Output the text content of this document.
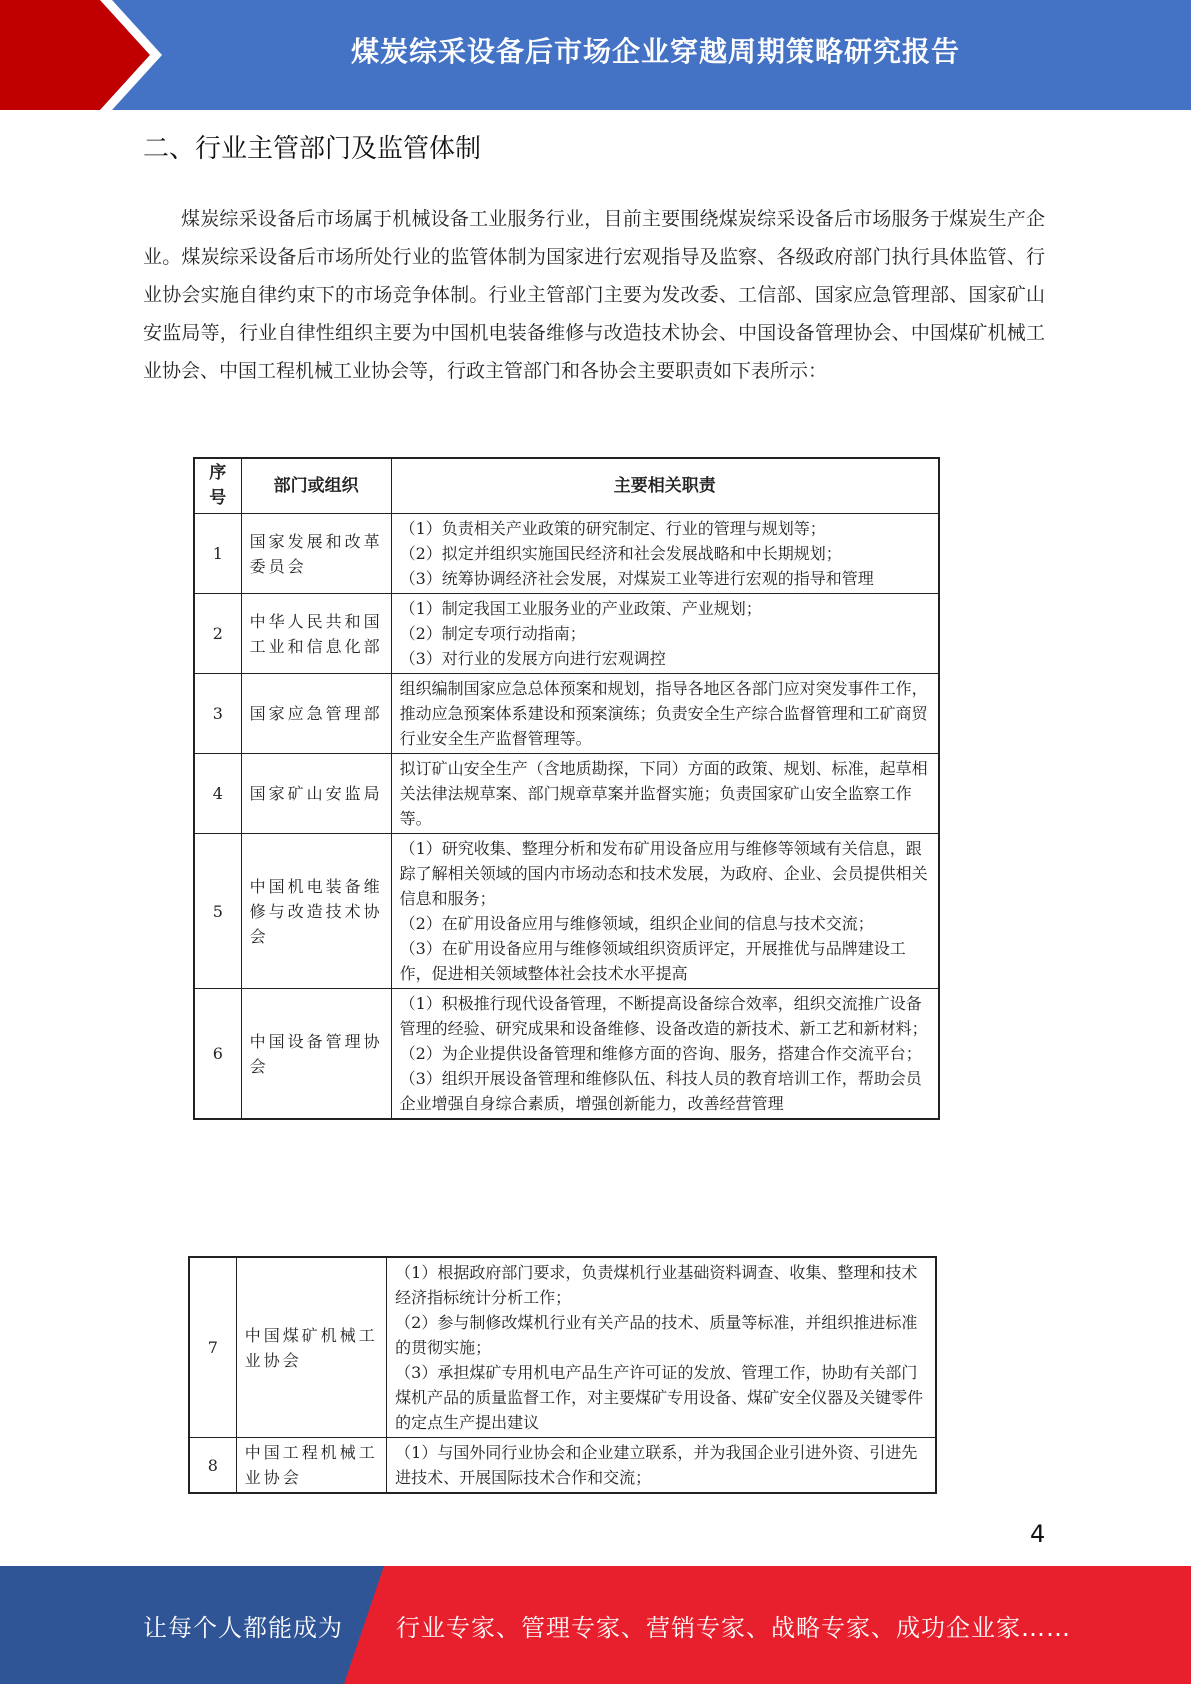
煤炭综采设备后市场企业穿越周期策略研究报告
二、行业主管部门及监管体制
煤炭综采设备后市场属于机械设备工业服务行业，目前主要围绕煤炭综采设备后市场服务于煤炭生产企业。煤炭综采设备后市场所处行业的监管体制为国家进行宏观指导及监察、各级政府部门执行具体监管、行业协会实施自律约束下的市场竞争体制。行业主管部门主要为发改委、工信部、国家应急管理部、国家矿山安监局等，行业自律性组织主要为中国机电装备维修与改造技术协会、中国设备管理协会、中国煤矿机械工业协会、中国工程机械工业协会等，行政主管部门和各协会主要职责如下表所示：
序号	部门或组织	主要相关职责
1	国家发展和改革委员会	（1）负责相关产业政策的研究制定、行业的管理与规划等；
（2）拟定并组织实施国民经济和社会发展战略和中长期规划；
（3）统筹协调经济社会发展，对煤炭工业等进行宏观的指导和管理

2	中华人民共和国工业和信息化部	（1）制定我国工业服务业的产业政策、产业规划；
（2）制定专项行动指南；
（3）对行业的发展方向进行宏观调控

3	国家应急管理部	组织编制国家应急总体预案和规划，指导各地区各部门应对突发事件工作，推动应急预案体系建设和预案演练；负责安全生产综合监督管理和工矿商贸行业安全生产监督管理等。

4	国家矿山安监局	拟订矿山安全生产（含地质勘探，下同）方面的政策、规划、标准，起草相关法律法规草案、部门规章草案并监督实施；负责国家矿山安全监察工作等。

5	中国机电装备维修与改造技术协会	（1）研究收集、整理分析和发布矿用设备应用与维修等领域有关信息，跟踪了解相关领域的国内市场动态和技术发展，为政府、企业、会员提供相关信息和服务；
（2）在矿用设备应用与维修领域，组织企业间的信息与技术交流；
（3）在矿用设备应用与维修领域组织资质评定，开展推优与品牌建设工作，促进相关领域整体社会技术水平提高

6	中国设备管理协会	（1）积极推行现代设备管理，不断提高设备综合效率，组织交流推广设备管理的经验、研究成果和设备维修、设备改造的新技术、新工艺和新材料；
（2）为企业提供设备管理和维修方面的咨询、服务，搭建合作交流平台；
（3）组织开展设备管理和维修队伍、科技人员的教育培训工作，帮助会员企业增强自身综合素质，增强创新能力，改善经营管理
7	中国煤矿机械工业协会	（1）根据政府部门要求，负责煤机行业基础资料调查、收集、整理和技术经济指标统计分析工作；
（2）参与制修改煤机行业有关产品的技术、质量等标准，并组织推进标准的贯彻实施；
（3）承担煤矿专用机电产品生产许可证的发放、管理工作，协助有关部门煤机产品的质量监督工作，对主要煤矿专用设备、煤矿安全仪器及关键零件的定点生产提出建议

8	中国工程机械工业协会	（1）与国外同行业协会和企业建立联系，并为我国企业引进外资、引进先进技术、开展国际技术合作和交流；
4
让每个人都能成为 行业专家、管理专家、营销专家、战略专家、成功企业家……
